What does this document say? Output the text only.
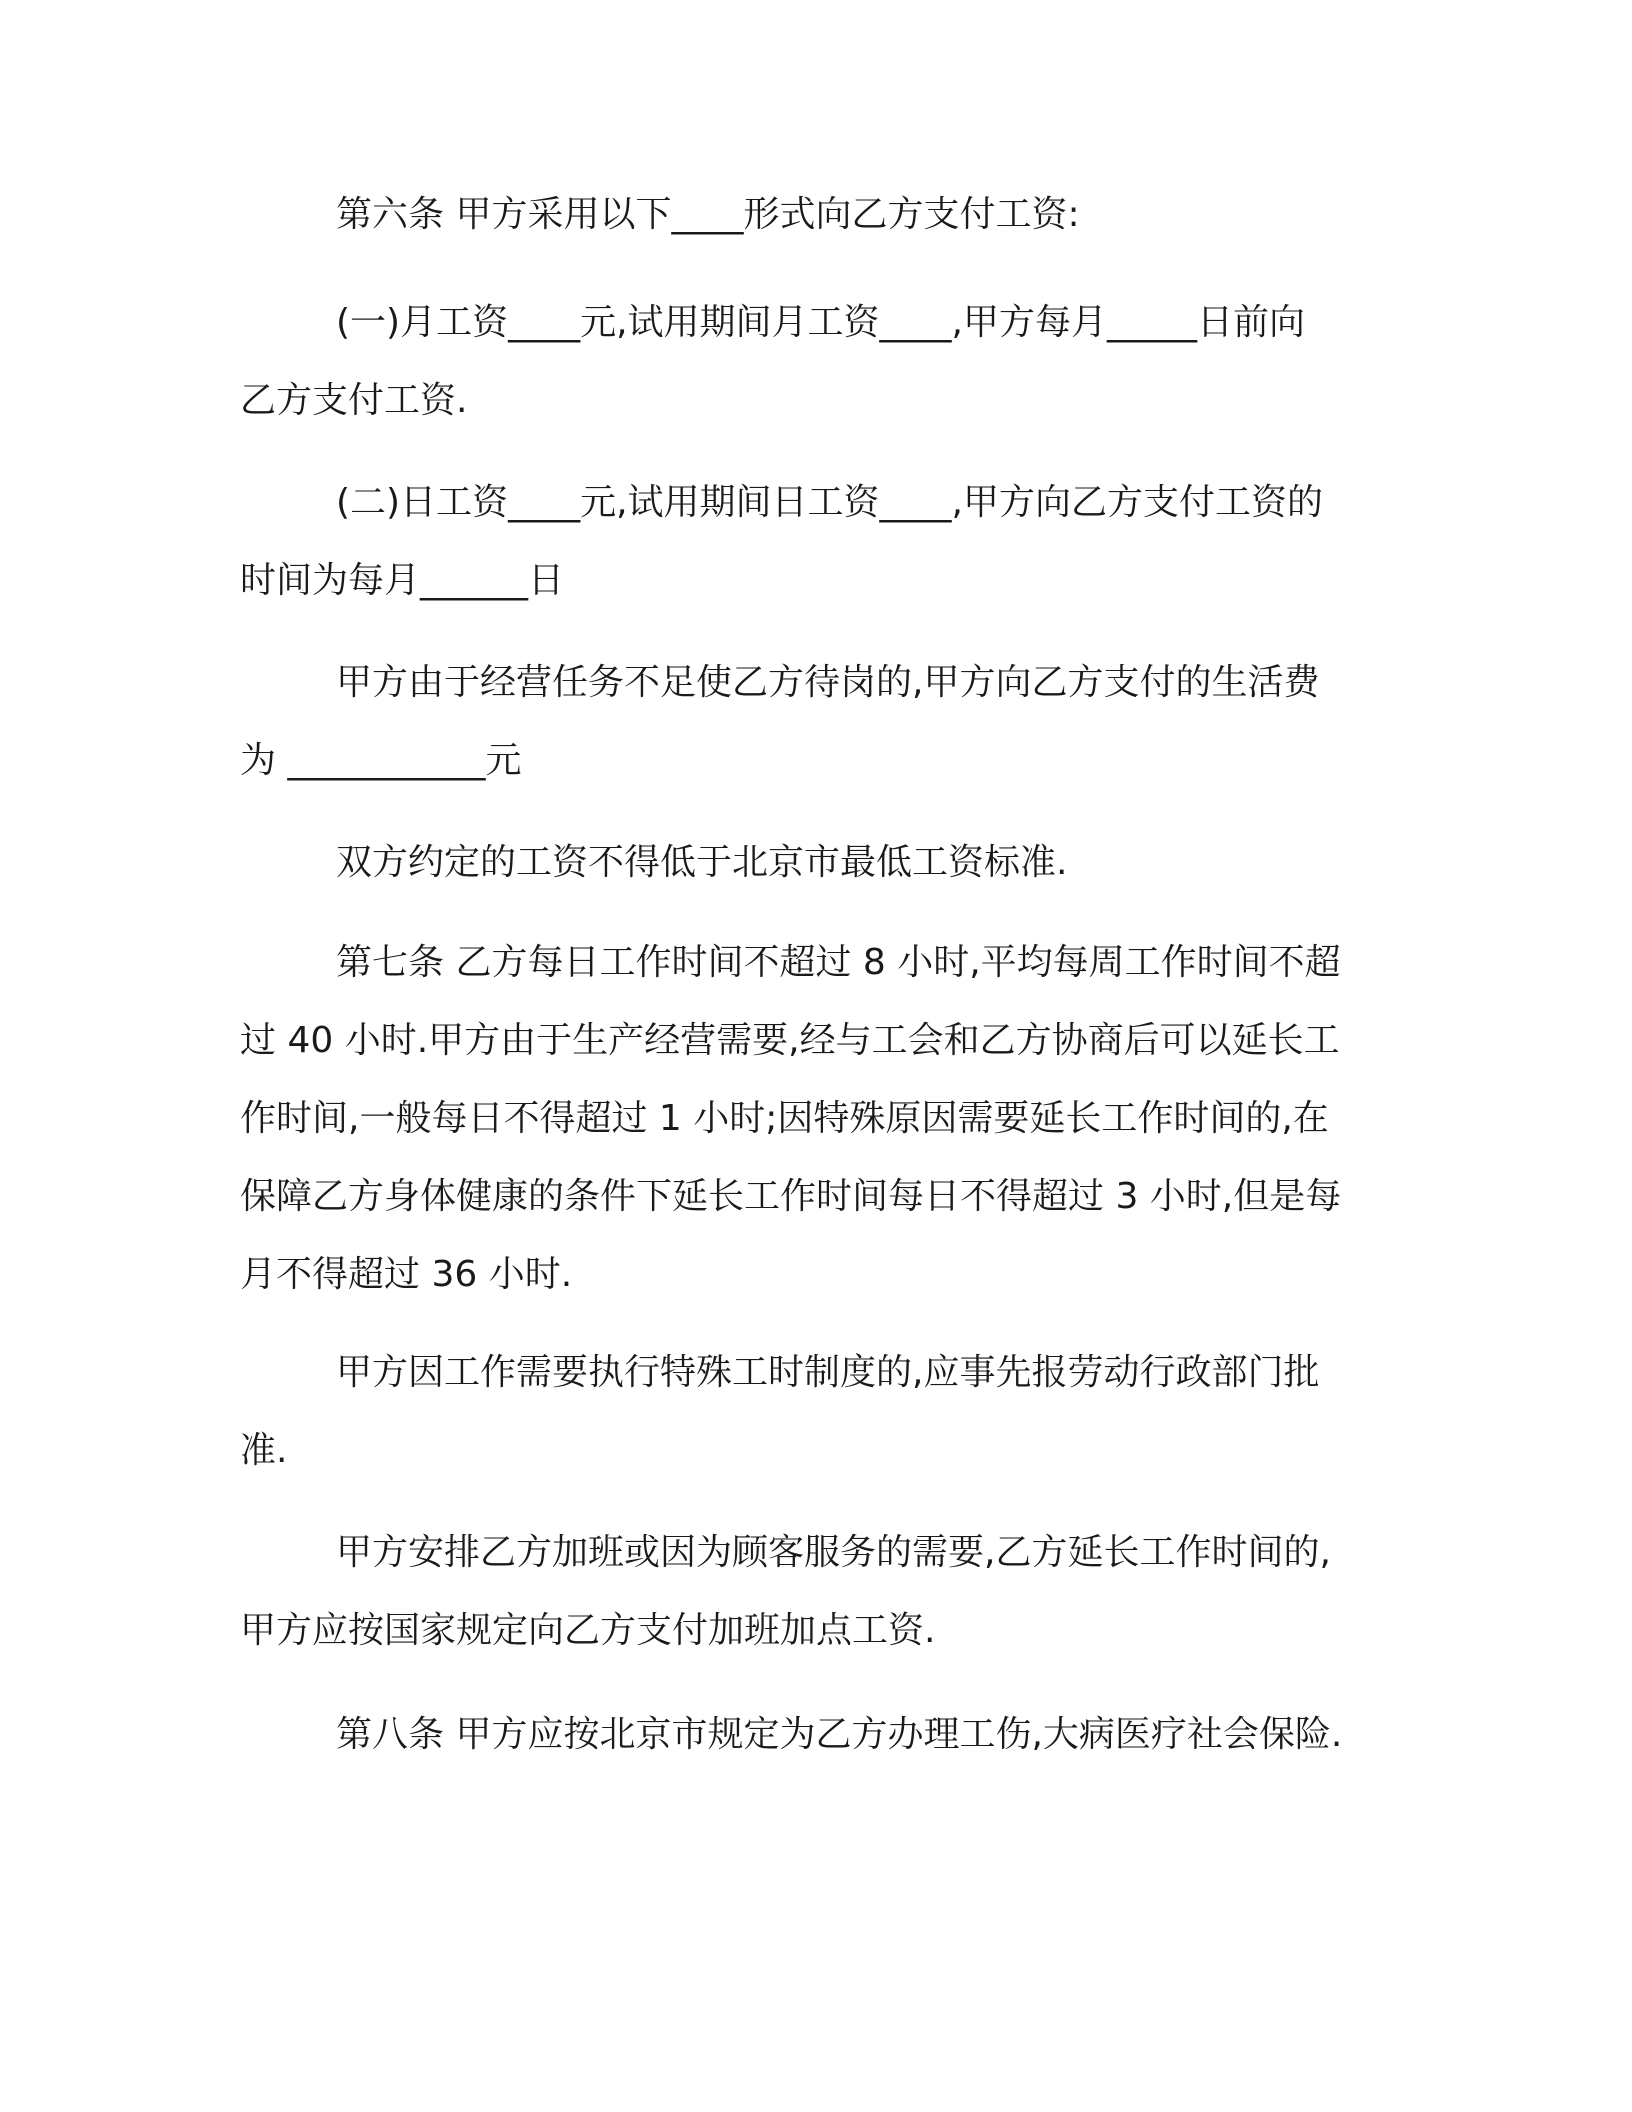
第六条 甲方采用以下____形式向乙方支付工资:
(一)月工资____元,试用期间月工资____,甲方每月_____日前向
乙方支付工资.
(二)日工资____元,试用期间日工资____,甲方向乙方支付工资的
时间为每月______日
甲方由于经营任务不足使乙方待岗的,甲方向乙方支付的生活费
为 ___________元
双方约定的工资不得低于北京市最低工资标准.
第七条 乙方每日工作时间不超过 8 小时,平均每周工作时间不超
过 40 小时.甲方由于生产经营需要,经与工会和乙方协商后可以延长工
作时间,一般每日不得超过 1 小时;因特殊原因需要延长工作时间的,在
保障乙方身体健康的条件下延长工作时间每日不得超过 3 小时,但是每
月不得超过 36 小时.
甲方因工作需要执行特殊工时制度的,应事先报劳动行政部门批
准.
甲方安排乙方加班或因为顾客服务的需要,乙方延长工作时间的,
甲方应按国家规定向乙方支付加班加点工资.
第八条 甲方应按北京市规定为乙方办理工伤,大病医疗社会保险.
